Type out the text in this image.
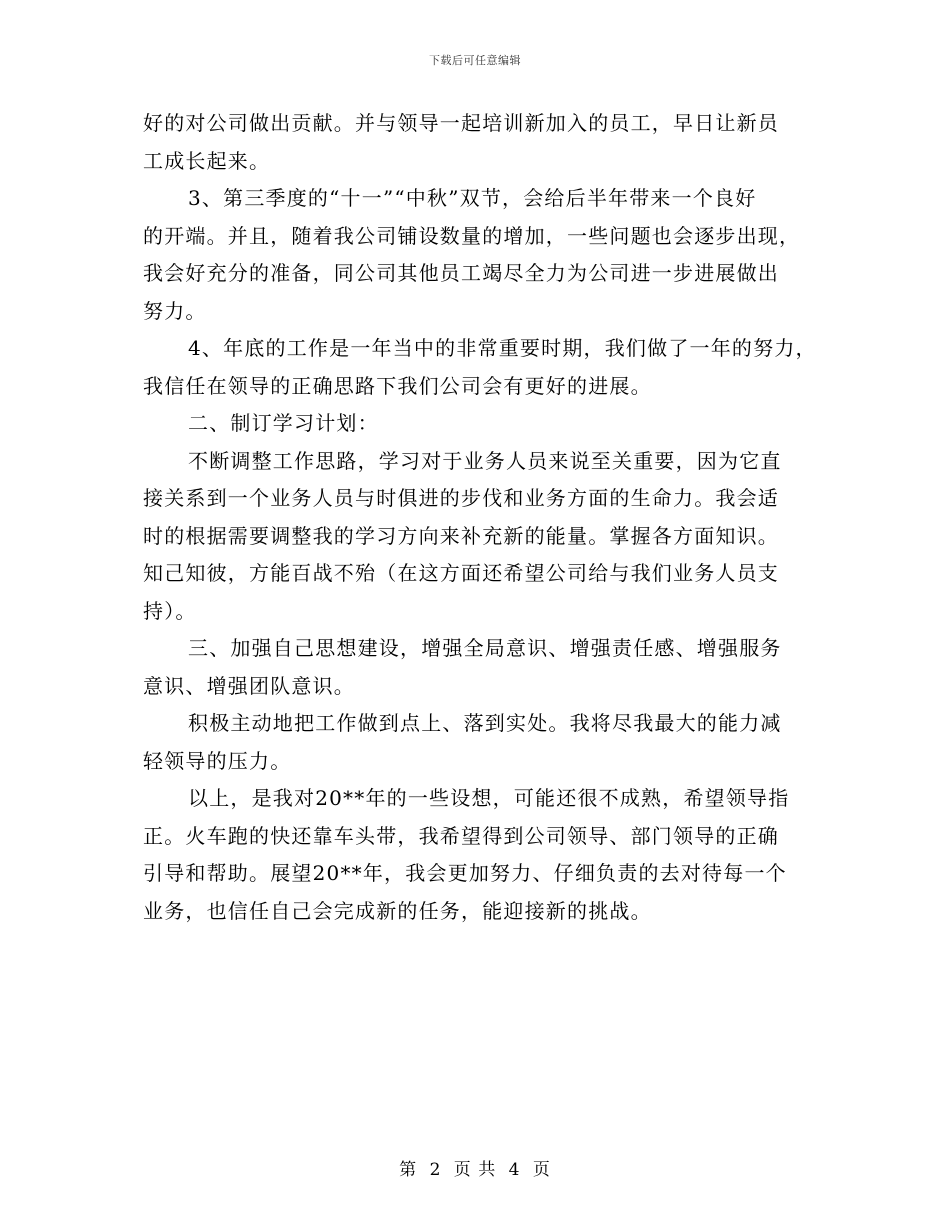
下载后可任意编辑
好的对公司做出贡献。并与领导一起培训新加入的员工，早日让新员
工成长起来。
3、第三季度的“十一”“中秋”双节，会给后半年带来一个良好
的开端。并且，随着我公司铺设数量的增加，一些问题也会逐步出现，
我会好充分的准备，同公司其他员工竭尽全力为公司进一步进展做出
努力。
4、年底的工作是一年当中的非常重要时期，我们做了一年的努力，
我信任在领导的正确思路下我们公司会有更好的进展。
二、制订学习计划：
不断调整工作思路，学习对于业务人员来说至关重要，因为它直
接关系到一个业务人员与时俱进的步伐和业务方面的生命力。我会适
时的根据需要调整我的学习方向来补充新的能量。掌握各方面知识。
知己知彼，方能百战不殆（在这方面还希望公司给与我们业务人员支
持）。
三、加强自己思想建设，增强全局意识、增强责任感、增强服务
意识、增强团队意识。
积极主动地把工作做到点上、落到实处。我将尽我最大的能力减
轻领导的压力。
以上，是我对20**年的一些设想，可能还很不成熟，希望领导指
正。火车跑的快还靠车头带，我希望得到公司领导、部门领导的正确
引导和帮助。展望20**年，我会更加努力、仔细负责的去对待每一个
业务，也信任自己会完成新的任务，能迎接新的挑战。
第 2 页 共 4 页
